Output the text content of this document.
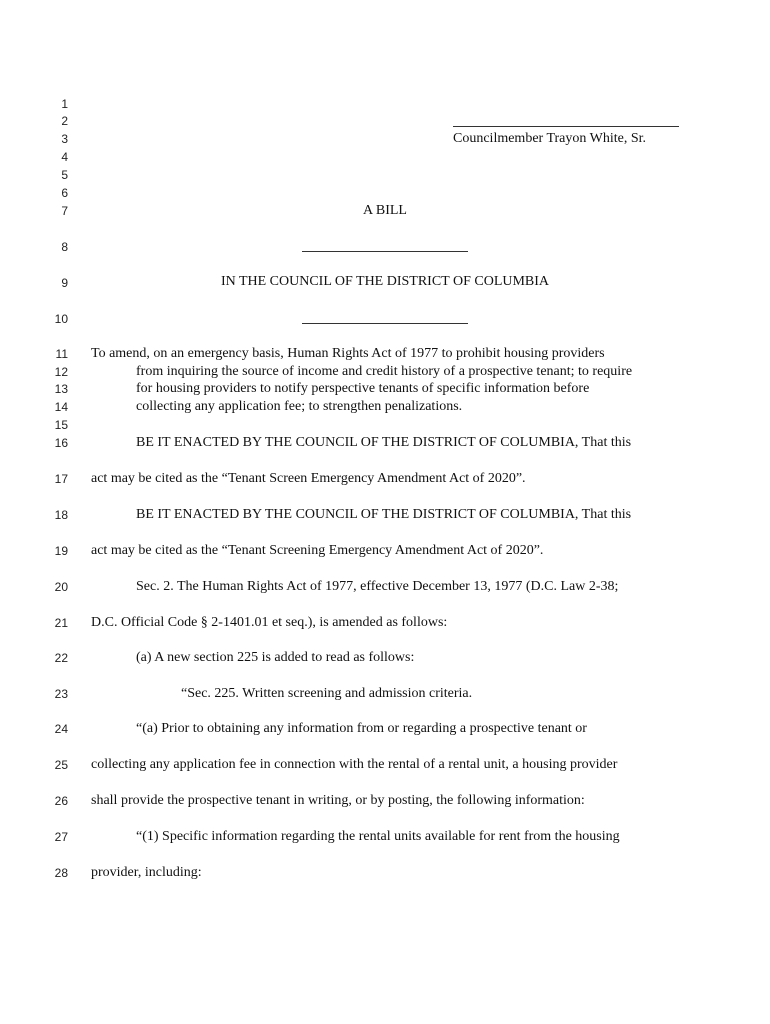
1
2
3
4
5
6
7
8
9
10
11
12
13
14
15
16
17
18
19
20
21
22
23
24
25
26
27
28
Councilmember Trayon White, Sr.
A BILL
IN THE COUNCIL OF THE DISTRICT OF COLUMBIA
To amend, on an emergency basis, Human Rights Act of 1977 to prohibit housing providers
from inquiring the source of income and credit history of a prospective tenant; to require
for housing providers to notify perspective tenants of specific information before
collecting any application fee; to strengthen penalizations.
BE IT ENACTED BY THE COUNCIL OF THE DISTRICT OF COLUMBIA, That this
act may be cited as the “Tenant Screen Emergency Amendment Act of 2020”.
BE IT ENACTED BY THE COUNCIL OF THE DISTRICT OF COLUMBIA, That this
act may be cited as the “Tenant Screening Emergency Amendment Act of 2020”.
Sec. 2. The Human Rights Act of 1977, effective December 13, 1977 (D.C. Law 2-38;
D.C. Official Code § 2-1401.01 et seq.), is amended as follows:
(a) A new section 225 is added to read as follows:
“Sec. 225. Written screening and admission criteria.
“(a) Prior to obtaining any information from or regarding a prospective tenant or
collecting any application fee in connection with the rental of a rental unit, a housing provider
shall provide the prospective tenant in writing, or by posting, the following information:
“(1) Specific information regarding the rental units available for rent from the housing
provider, including:
